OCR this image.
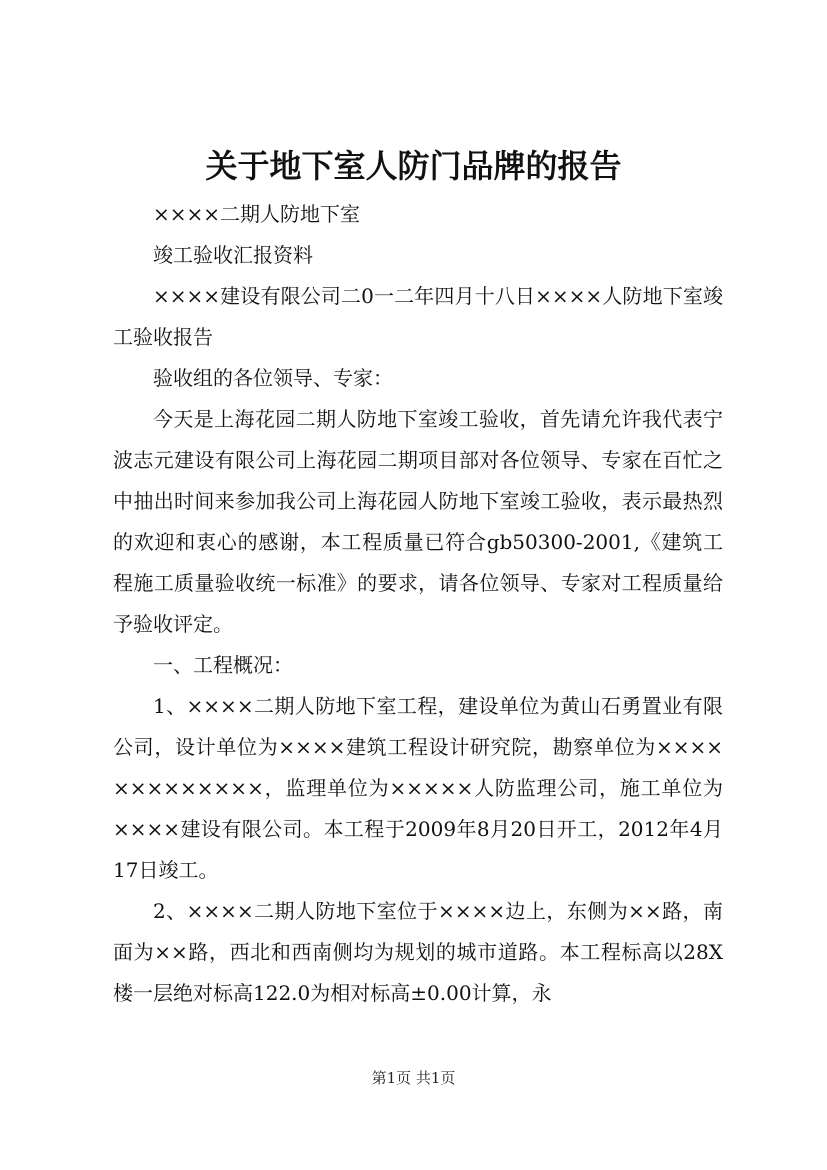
关于地下室人防门品牌的报告

××××二期人防地下室

竣工验收汇报资料

××××建设有限公司二0一二年四月十八日××××人防地下室竣工验收报告

验收组的各位领导、专家：

今天是上海花园二期人防地下室竣工验收，首先请允许我代表宁波志元建设有限公司上海花园二期项目部对各位领导、专家在百忙之中抽出时间来参加我公司上海花园人防地下室竣工验收，表示最热烈的欢迎和衷心的感谢，本工程质量已符合gb50300-2001,《建筑工程施工质量验收统一标准》的要求，请各位领导、专家对工程质量给予验收评定。

一、工程概况：

1、××××二期人防地下室工程，建设单位为黄山石勇置业有限公司，设计单位为××××建筑工程设计研究院，勘察单位为×××××××××××××，监理单位为×××××人防监理公司，施工单位为××××建设有限公司。本工程于2009年8月20日开工，2012年4月17日竣工。

2、××××二期人防地下室位于××××边上，东侧为××路，南面为××路，西北和西南侧均为规划的城市道路。本工程标高以28X楼一层绝对标高122.0为相对标高±0.00计算，永

第1页 共1页
